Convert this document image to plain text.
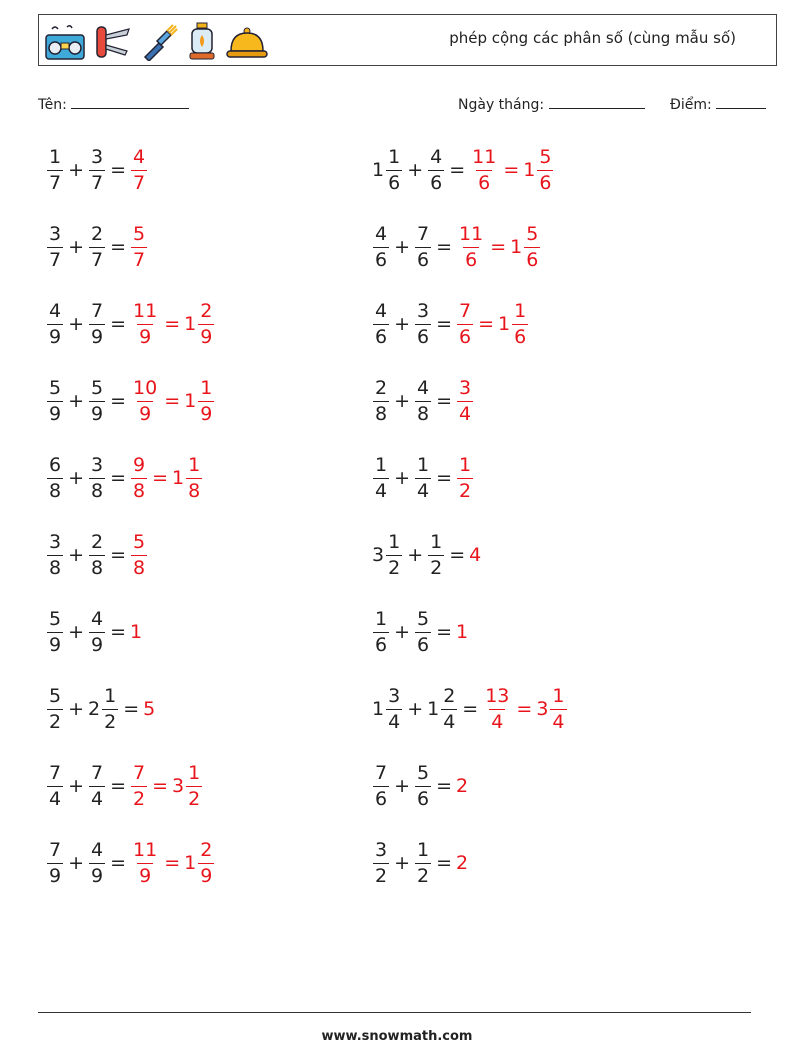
phép cộng các phân số (cùng mẫu số)
Tên:	Ngày tháng:	Điểm:
$\frac{1}{7} + \frac{3}{7} = \frac{4}{7}$	$1 \frac{1}{6} + \frac{4}{6} = \frac{11}{6} = 1 \frac{5}{6}$
$\frac{3}{7} + \frac{2}{7} = \frac{5}{7}$	$\frac{4}{6} + \frac{7}{6} = \frac{11}{6} = 1 \frac{5}{6}$
$\frac{4}{9} + \frac{7}{9} = \frac{11}{9} = 1 \frac{2}{9}$	$\frac{4}{6} + \frac{3}{6} = \frac{7}{6} = 1 \frac{1}{6}$
$\frac{5}{9} + \frac{5}{9} = \frac{10}{9} = 1 \frac{1}{9}$	$\frac{2}{8} + \frac{4}{8} = \frac{3}{4}$
$\frac{6}{8} + \frac{3}{8} = \frac{9}{8} = 1 \frac{1}{8}$	$\frac{1}{4} + \frac{1}{4} = \frac{1}{2}$
$\frac{3}{8} + \frac{2}{8} = \frac{5}{8}$	$3 \frac{1}{2} + \frac{1}{2} = 4$
$\frac{5}{9} + \frac{4}{9} = 1$	$\frac{1}{6} + \frac{5}{6} = 1$
$\frac{5}{2} + 2 \frac{1}{2} = 5$	$1 \frac{3}{4} + 1 \frac{2}{4} = \frac{13}{4} = 3 \frac{1}{4}$
$\frac{7}{4} + \frac{7}{4} = \frac{7}{2} = 3 \frac{1}{2}$	$\frac{7}{6} + \frac{5}{6} = 2$
$\frac{7}{9} + \frac{4}{9} = \frac{11}{9} = 1 \frac{2}{9}$	$\frac{3}{2} + \frac{1}{2} = 2$
www.snowmath.com
